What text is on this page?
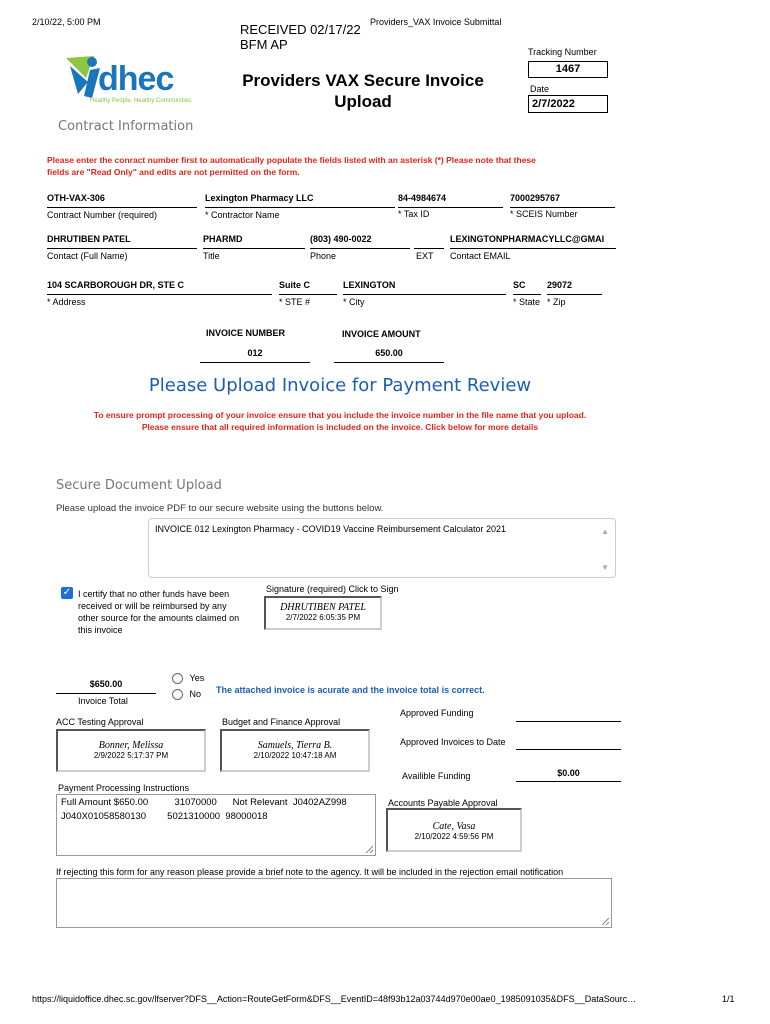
2/10/22, 5:00 PM	RECEIVED 02/17/22
BFM AP
Providers_VAX Invoice Submittal
dhec
Healthy People. Healthy Communities.
Providers VAX Secure Invoice
Upload
Tracking Number
1467
Date
2/7/2022
Contract Information
Please enter the conract number first to automatically populate the fields listed with an asterisk (*) Please note that these
fields are "Read Only" and edits are not permitted on the form.
OTH-VAX-306
Contract Number (required)
Lexington Pharmacy LLC
* Contractor Name
84-4984674
* Tax ID
7000295767
* SCEIS Number
DHRUTIBEN PATEL
Contact (Full Name)
PHARMD
Title
(803) 490-0022
Phone	EXT
LEXINGTONPHARMACYLLC@GMAI
Contact EMAIL
104 SCARBOROUGH DR, STE C
* Address
Suite C
* STE #
LEXINGTON
* City
SC
* State
29072
* Zip
INVOICE NUMBER
012
INVOICE AMOUNT
650.00
Please Upload Invoice for Payment Review
To ensure prompt processing of your invoice ensure that you include the invoice number in the file name that you upload.
Please ensure that all required information is included on the invoice. Click below for more details
Secure Document Upload
Please upload the invoice PDF to our secure website using the buttons below.
INVOICE 012 Lexington Pharmacy - COVID19 Vaccine Reimbursement Calculator 2021	▲
▼
✓ I certify that no other funds have been
received or will be reimbursed by any
other source for the amounts claimed on
this invoice
Signature (required) Click to Sign
DHRUTIBEN PATEL
2/7/2022 6:05:35 PM
$650.00
Invoice Total
Yes
No The attached invoice is acurate and the invoice total is correct.
ACC Testing Approval
Bonner, Melissa
2/9/2022 5:17:37 PM
Budget and Finance Approval
Samuels, Tierra B.
2/10/2022 10:47:18 AM
Approved Funding
Approved Invoices to Date
Availible Funding	$0.00
Payment Processing Instructions
Full Amount $650.00          31070000      Not Relevant  J0402AZ998
J040X01058580130        5021310000  98000018
Accounts Payable Approval
Cate, Vasa
2/10/2022 4:59:56 PM
If rejecting this form for any reason please provide a brief note to the agency. It will be included in the rejection email notification
https://liquidoffice.dhec.sc.gov/lfserver?DFS__Action=RouteGetForm&DFS__EventID=48f93b12a03744d970e00ae0_1985091035&DFS__DataSourc…	1/1
